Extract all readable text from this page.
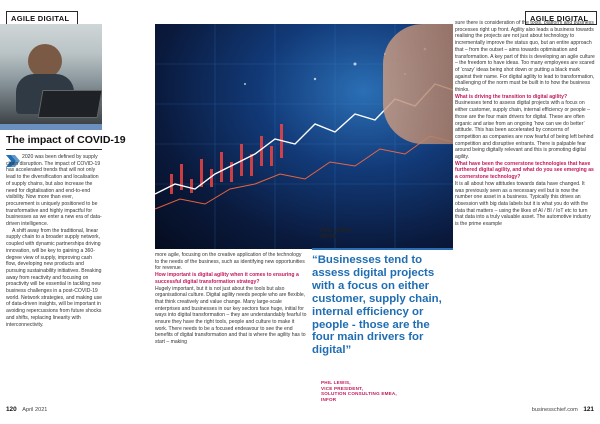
AGILE DIGITAL	AGILE DIGITAL
PHIL LEWIS,
INFOR
The impact of COVID-19

2020 was been defined by supply chain disruption. The impact of COVID-19 has accelerated trends that will not only lead to the diversification and localisation of supply chains, but also increase the need for digitalisation and end-to-end visibility. Now more than ever, procurement is uniquely positioned to be transformative and highly impactful for businesses as we enter a new era of data-driven intelligence.

A shift away from the traditional, linear supply chain to a broader supply network, coupled with dynamic partnerships driving innovation, will be key to gaining a 360-degree view of supply, improving cash flow, developing new products and pursuing sustainability initiatives. Breaking away from reactivity and focusing on proactivity will be essential in tackling new business challenges in a post-COVID-19 world. Network strategies, and making use of data-driven insights, will be important in avoiding repercussions from future shocks and shifts, replacing linearity with interconnectivity.

more agile, focusing on the creative application of the technology to the needs of the business, such as identifying new opportunities for revenue.

How important is digital agility when it comes to ensuring a successful digital transformation strategy?

Hugely important, but it is not just about the tools but also organisational culture. Digital agility needs people who are flexible, that think creatively and value change. Many large-scale enterprises and businesses in our key sectors face huge, initial for ways into digital transformation – they are understandably fearful to ensure they have the right tools, people and culture to make it work. There needs to be a focused endeavour to see the end benefits of digital transformation and that is where the agility has to start – making

“Businesses tend to assess digital projects with a focus on either customer, supply chain, internal efficiency or people - those are the four main drivers for digital”
PHIL LEWIS,
VICE PRESIDENT,
SOLUTION CONSULTING EMEA,
INFOR

sure there is consideration of the tools, platform and business processes right up front. Agility also leads a business towards realising the projects are not just about technology to incrementally improve the status quo, but an entire approach that – from the outset – aims towards optimisation and transformation. A key part of this is developing an agile culture – the freedom to have ideas. Too many employees are scared of ‘crazy’ ideas being shot down or putting a black mark against their name. For digital agility to lead to transformation, challenging of the norm must be built in to how the business thinks.

What is driving the transition to digital agility?

Businesses tend to assess digital projects with a focus on either customer, supply chain, internal efficiency or people – those are the four main drivers for digital. These are often organic and arise from an ongoing ‘how can we do better’ attitude. This has been accelerated by concerns of competition as companies are now fearful of being left behind competition and disruptive entrants. There is palpable fear around being digitally relevant and this is promoting digital agility.

What have been the cornerstone technologies that have furthered digital agility, and what do you see emerging as a cornerstone technology?

It is all about how attitudes towards data have changed. It was previously seen as a necessary evil but is now the number one asset in a business. Typically this drives an obsession with big data labels but it is what you do with the data that matters – using the likes of AI / BI / IoT etc to turn that data into a truly valuable asset. The automotive industry is the prime example

120 April 2021	businesschief.com 121
